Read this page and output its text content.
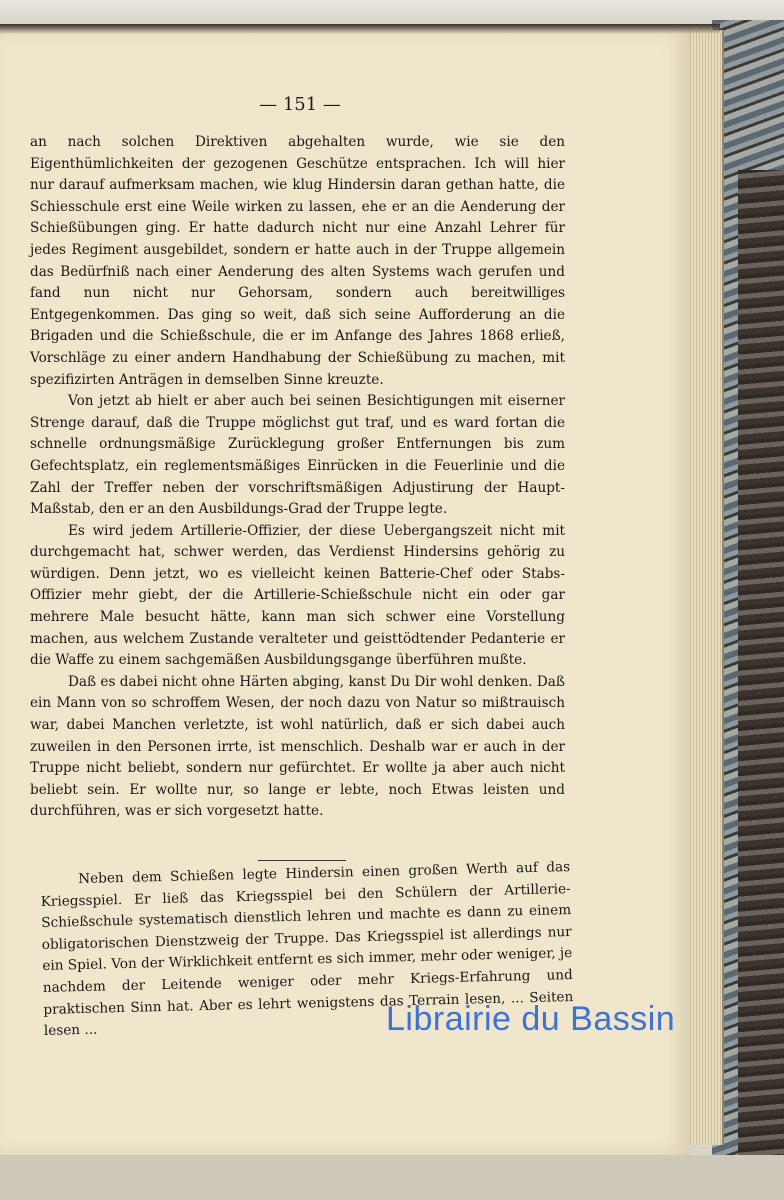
— 151 —

an nach solchen Direktiven abgehalten wurde, wie sie den Eigenthümlichkeiten der gezogenen Geschütze entsprachen. Ich will hier nur darauf aufmerksam machen, wie klug Hindersin daran gethan hatte, die Schiesschule erst eine Weile wirken zu lassen, ehe er an die Aenderung der Schießübungen ging. Er hatte dadurch nicht nur eine Anzahl Lehrer für jedes Regiment ausgebildet, sondern er hatte auch in der Truppe allgemein das Bedürfniß nach einer Aenderung des alten Systems wach gerufen und fand nun nicht nur Gehorsam, sondern auch bereitwilliges Entgegenkommen. Das ging so weit, daß sich seine Aufforderung an die Brigaden und die Schießschule, die er im Anfange des Jahres 1868 erließ, Vorschläge zu einer andern Handhabung der Schießübung zu machen, mit spezifizirten Anträgen in demselben Sinne kreuzte.

Von jetzt ab hielt er aber auch bei seinen Besichtigungen mit eiserner Strenge darauf, daß die Truppe möglichst gut traf, und es ward fortan die schnelle ordnungsmäßige Zurücklegung großer Entfernungen bis zum Gefechtsplatz, ein reglementsmäßiges Einrücken in die Feuerlinie und die Zahl der Treffer neben der vorschriftsmäßigen Adjustirung der Haupt-Maßstab, den er an den Ausbildungs-Grad der Truppe legte.

Es wird jedem Artillerie-Offizier, der diese Uebergangszeit nicht mit durchgemacht hat, schwer werden, das Verdienst Hindersins gehörig zu würdigen. Denn jetzt, wo es vielleicht keinen Batterie-Chef oder Stabs-Offizier mehr giebt, der die Artillerie-Schießschule nicht ein oder gar mehrere Male besucht hätte, kann man sich schwer eine Vorstellung machen, aus welchem Zustande veralteter und geisttödtender Pedanterie er die Waffe zu einem sachgemäßen Ausbildungsgange überführen mußte.

Daß es dabei nicht ohne Härten abging, kanst Du Dir wohl denken. Daß ein Mann von so schroffem Wesen, der noch dazu von Natur so mißtrauisch war, dabei Manchen verletzte, ist wohl natürlich, daß er sich dabei auch zuweilen in den Personen irrte, ist menschlich. Deshalb war er auch in der Truppe nicht beliebt, sondern nur gefürchtet. Er wollte ja aber auch nicht beliebt sein. Er wollte nur, so lange er lebte, noch Etwas leisten und durchführen, was er sich vorgesetzt hatte.

Neben dem Schießen legte Hindersin einen großen Werth auf das Kriegsspiel. Er ließ das Kriegsspiel bei den Schülern der Artillerie-Schießschule systematisch dienstlich lehren und machte es dann zu einem obligatorischen Dienstzweig der Truppe. Das Kriegsspiel ist allerdings nur ein Spiel. Von der Wirklichkeit entfernt es sich immer, mehr oder weniger, je nachdem der Leitende weniger oder mehr Kriegs-Erfahrung und praktischen Sinn hat. Aber es lehrt wenigstens das Terrain lesen, ... Seiten lesen ...	Librairie du Bassin
